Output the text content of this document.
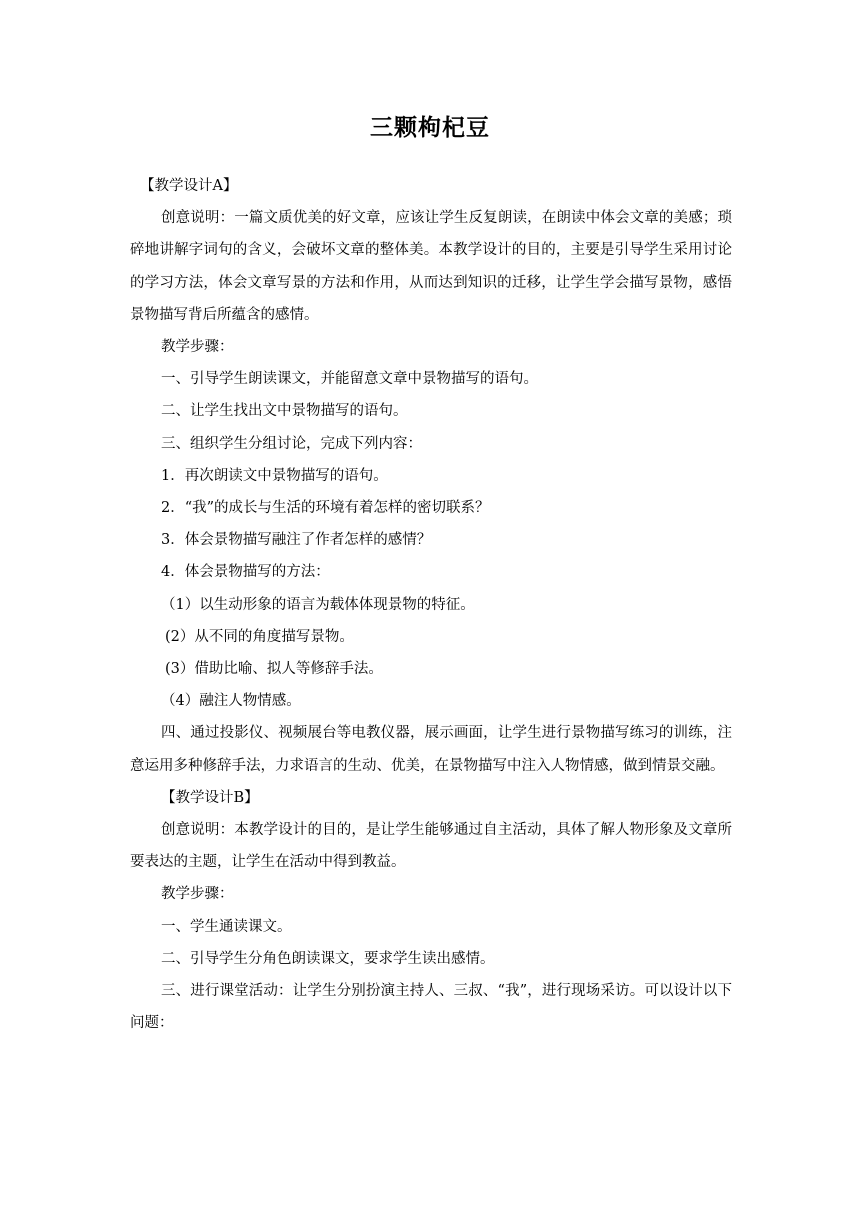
三颗枸杞豆

【教学设计A】

创意说明：一篇文质优美的好文章，应该让学生反复朗读，在朗读中体会文章的美感；琐碎地讲解字词句的含义，会破坏文章的整体美。本教学设计的目的，主要是引导学生采用讨论的学习方法，体会文章写景的方法和作用，从而达到知识的迁移，让学生学会描写景物，感悟景物描写背后所蕴含的感情。

教学步骤：

一、引导学生朗读课文，并能留意文章中景物描写的语句。

二、让学生找出文中景物描写的语句。

三、组织学生分组讨论，完成下列内容：

1．再次朗读文中景物描写的语句。

2．“我”的成长与生活的环境有着怎样的密切联系？

3．体会景物描写融注了作者怎样的感情？

4．体会景物描写的方法：

（1）以生动形象的语言为载体体现景物的特征。

(2）从不同的角度描写景物。

(3）借助比喻、拟人等修辞手法。

（4）融注人物情感。

四、通过投影仪、视频展台等电教仪器，展示画面，让学生进行景物描写练习的训练，注意运用多种修辞手法，力求语言的生动、优美，在景物描写中注入人物情感，做到情景交融。

【教学设计B】

创意说明：本教学设计的目的，是让学生能够通过自主活动，具体了解人物形象及文章所要表达的主题，让学生在活动中得到教益。

教学步骤：

一、学生通读课文。

二、引导学生分角色朗读课文，要求学生读出感情。

三、进行课堂活动：让学生分别扮演主持人、三叔、“我”，进行现场采访。可以设计以下问题：
